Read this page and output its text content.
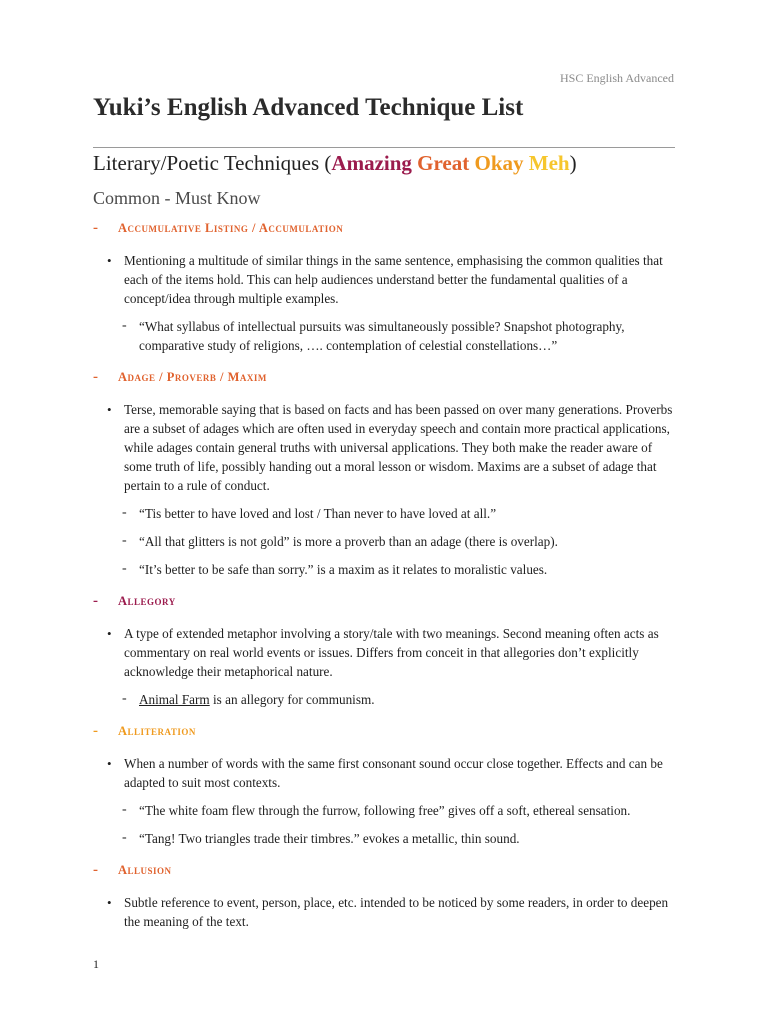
HSC English Advanced
Yuki’s English Advanced Technique List
Literary/Poetic Techniques (Amazing Great Okay Meh)
Common - Must Know
-	Accumulative Listing / Accumulation
• Mentioning a multitude of similar things in the same sentence, emphasising the common qualities that each of the items hold. This can help audiences understand better the fundamental qualities of a concept/idea through multiple examples.
- “What syllabus of intellectual pursuits was simultaneously possible? Snapshot photography, comparative study of religions, …. contemplation of celestial constellations…”
-	Adage / Proverb / Maxim
• Terse, memorable saying that is based on facts and has been passed on over many generations. Proverbs are a subset of adages which are often used in everyday speech and contain more practical applications, while adages contain general truths with universal applications. They both make the reader aware of some truth of life, possibly handing out a moral lesson or wisdom. Maxims are a subset of adage that pertain to a rule of conduct.
- “Tis better to have loved and lost / Than never to have loved at all.”
- “All that glitters is not gold” is more a proverb than an adage (there is overlap).
- “It’s better to be safe than sorry.” is a maxim as it relates to moralistic values.
-	Allegory
• A type of extended metaphor involving a story/tale with two meanings. Second meaning often acts as commentary on real world events or issues. Differs from conceit in that allegories don’t explicitly acknowledge their metaphorical nature.
- Animal Farm is an allegory for communism.
-	Alliteration
• When a number of words with the same first consonant sound occur close together. Effects and can be adapted to suit most contexts.
- “The white foam flew through the furrow, following free” gives off a soft, ethereal sensation.
- “Tang! Two triangles trade their timbres.” evokes a metallic, thin sound.
-	Allusion
• Subtle reference to event, person, place, etc. intended to be noticed by some readers, in order to deepen the meaning of the text.
1
